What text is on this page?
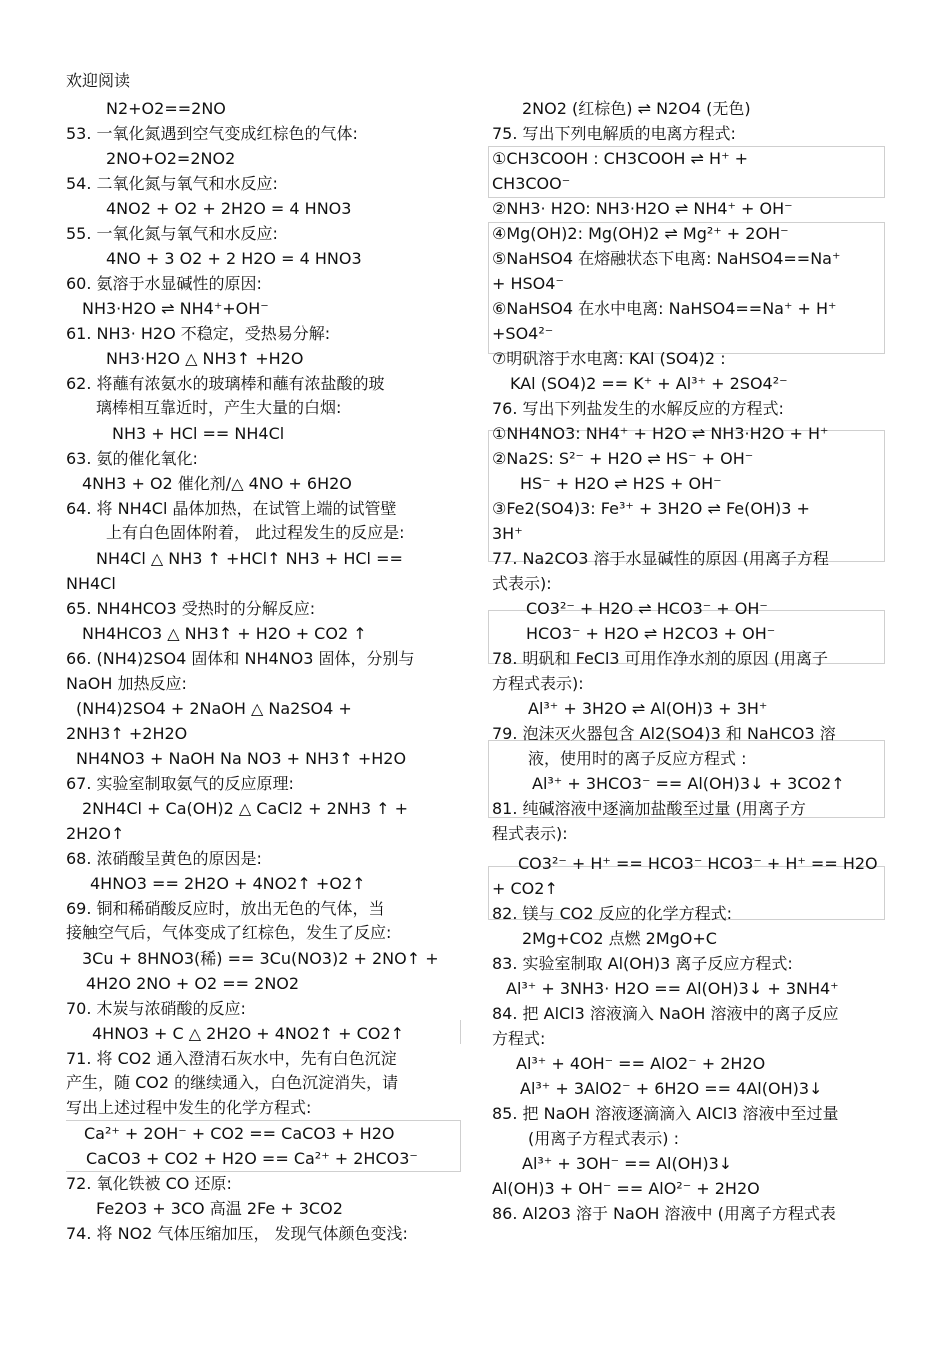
欢迎阅读
N2+O2==2NO
53. 一氧化氮遇到空气变成红棕色的气体:
2NO+O2=2NO2
54. 二氧化氮与氧气和水反应:
4NO2 + O2 + 2H2O = 4 HNO3
55. 一氧化氮与氧气和水反应:
4NO + 3 O2 + 2 H2O = 4 HNO3
60. 氨溶于水显碱性的原因:
NH3·H2O ⇌ NH4⁺+OH⁻
61. NH3· H2O 不稳定，受热易分解:
NH3·H2O △ NH3↑ +H2O
62. 将蘸有浓氨水的玻璃棒和蘸有浓盐酸的玻
璃棒相互靠近时，产生大量的白烟:
NH3 + HCl == NH4Cl
63. 氨的催化氧化:
4NH3 + O2 催化剂/△ 4NO + 6H2O
64. 将 NH4Cl 晶体加热，在试管上端的试管壁
上有白色固体附着， 此过程发生的反应是:
NH4Cl △ NH3 ↑ +HCl↑ NH3 + HCl ==
NH4Cl
65. NH4HCO3 受热时的分解反应:
NH4HCO3 △ NH3↑ + H2O + CO2 ↑
66. (NH4)2SO4 固体和 NH4NO3 固体，分别与
NaOH 加热反应:
(NH4)2SO4 + 2NaOH △ Na2SO4 +
2NH3↑ +2H2O
NH4NO3 + NaOH Na NO3 + NH3↑ +H2O
67. 实验室制取氨气的反应原理:
2NH4Cl + Ca(OH)2 △ CaCl2 + 2NH3 ↑ +
2H2O↑
68. 浓硝酸呈黄色的原因是:
4HNO3 == 2H2O + 4NO2↑ +O2↑
69. 铜和稀硝酸反应时，放出无色的气体，当
接触空气后，气体变成了红棕色，发生了反应:
3Cu + 8HNO3(稀) == 3Cu(NO3)2 + 2NO↑ +
4H2O 2NO + O2 == 2NO2
70. 木炭与浓硝酸的反应:
4HNO3 + C △ 2H2O + 4NO2↑ + CO2↑
71. 将 CO2 通入澄清石灰水中，先有白色沉淀
产生，随 CO2 的继续通入，白色沉淀消失，请
写出上述过程中发生的化学方程式:
Ca²⁺ + 2OH⁻ + CO2 == CaCO3 + H2O
CaCO3 + CO2 + H2O == Ca²⁺ + 2HCO3⁻
72. 氧化铁被 CO 还原:
Fe2O3 + 3CO 高温 2Fe + 3CO2
74. 将 NO2 气体压缩加压， 发现气体颜色变浅:
2NO2 (红棕色) ⇌ N2O4 (无色)
75. 写出下列电解质的电离方程式:
①CH3COOH : CH3COOH ⇌ H⁺ +
CH3COO⁻
②NH3· H2O: NH3·H2O ⇌ NH4⁺ + OH⁻
④Mg(OH)2: Mg(OH)2 ⇌ Mg²⁺ + 2OH⁻
⑤NaHSO4 在熔融状态下电离: NaHSO4==Na⁺
+ HSO4⁻
⑥NaHSO4 在水中电离: NaHSO4==Na⁺ + H⁺
+SO4²⁻
⑦明矾溶于水电离: KAl (SO4)2 :
KAl (SO4)2 == K⁺ + Al³⁺ + 2SO4²⁻
76. 写出下列盐发生的水解反应的方程式:
①NH4NO3: NH4⁺ + H2O ⇌ NH3·H2O + H⁺
②Na2S: S²⁻ + H2O ⇌ HS⁻ + OH⁻
HS⁻ + H2O ⇌ H2S + OH⁻
③Fe2(SO4)3: Fe³⁺ + 3H2O ⇌ Fe(OH)3 +
3H⁺
77. Na2CO3 溶于水显碱性的原因 (用离子方程
式表示):
CO3²⁻ + H2O ⇌ HCO3⁻ + OH⁻
HCO3⁻ + H2O ⇌ H2CO3 + OH⁻
78. 明矾和 FeCl3 可用作净水剂的原因 (用离子
方程式表示):
Al³⁺ + 3H2O ⇌ Al(OH)3 + 3H⁺
79. 泡沫灭火器包含 Al2(SO4)3 和 NaHCO3 溶
液，使用时的离子反应方程式 :
Al³⁺ + 3HCO3⁻ == Al(OH)3↓ + 3CO2↑
81. 纯碱溶液中逐滴加盐酸至过量 (用离子方
程式表示):
CO3²⁻ + H⁺ == HCO3⁻ HCO3⁻ + H⁺ == H2O
+ CO2↑
82. 镁与 CO2 反应的化学方程式:
2Mg+CO2 点燃 2MgO+C
83. 实验室制取 Al(OH)3 离子反应方程式:
Al³⁺ + 3NH3· H2O == Al(OH)3↓ + 3NH4⁺
84. 把 AlCl3 溶液滴入 NaOH 溶液中的离子反应
方程式:
Al³⁺ + 4OH⁻ == AlO2⁻ + 2H2O
Al³⁺ + 3AlO2⁻ + 6H2O == 4Al(OH)3↓
85. 把 NaOH 溶液逐滴滴入 AlCl3 溶液中至过量
(用离子方程式表示) :
Al³⁺ + 3OH⁻ == Al(OH)3↓
Al(OH)3 + OH⁻ == AlO²⁻ + 2H2O
86. Al2O3 溶于 NaOH 溶液中 (用离子方程式表
